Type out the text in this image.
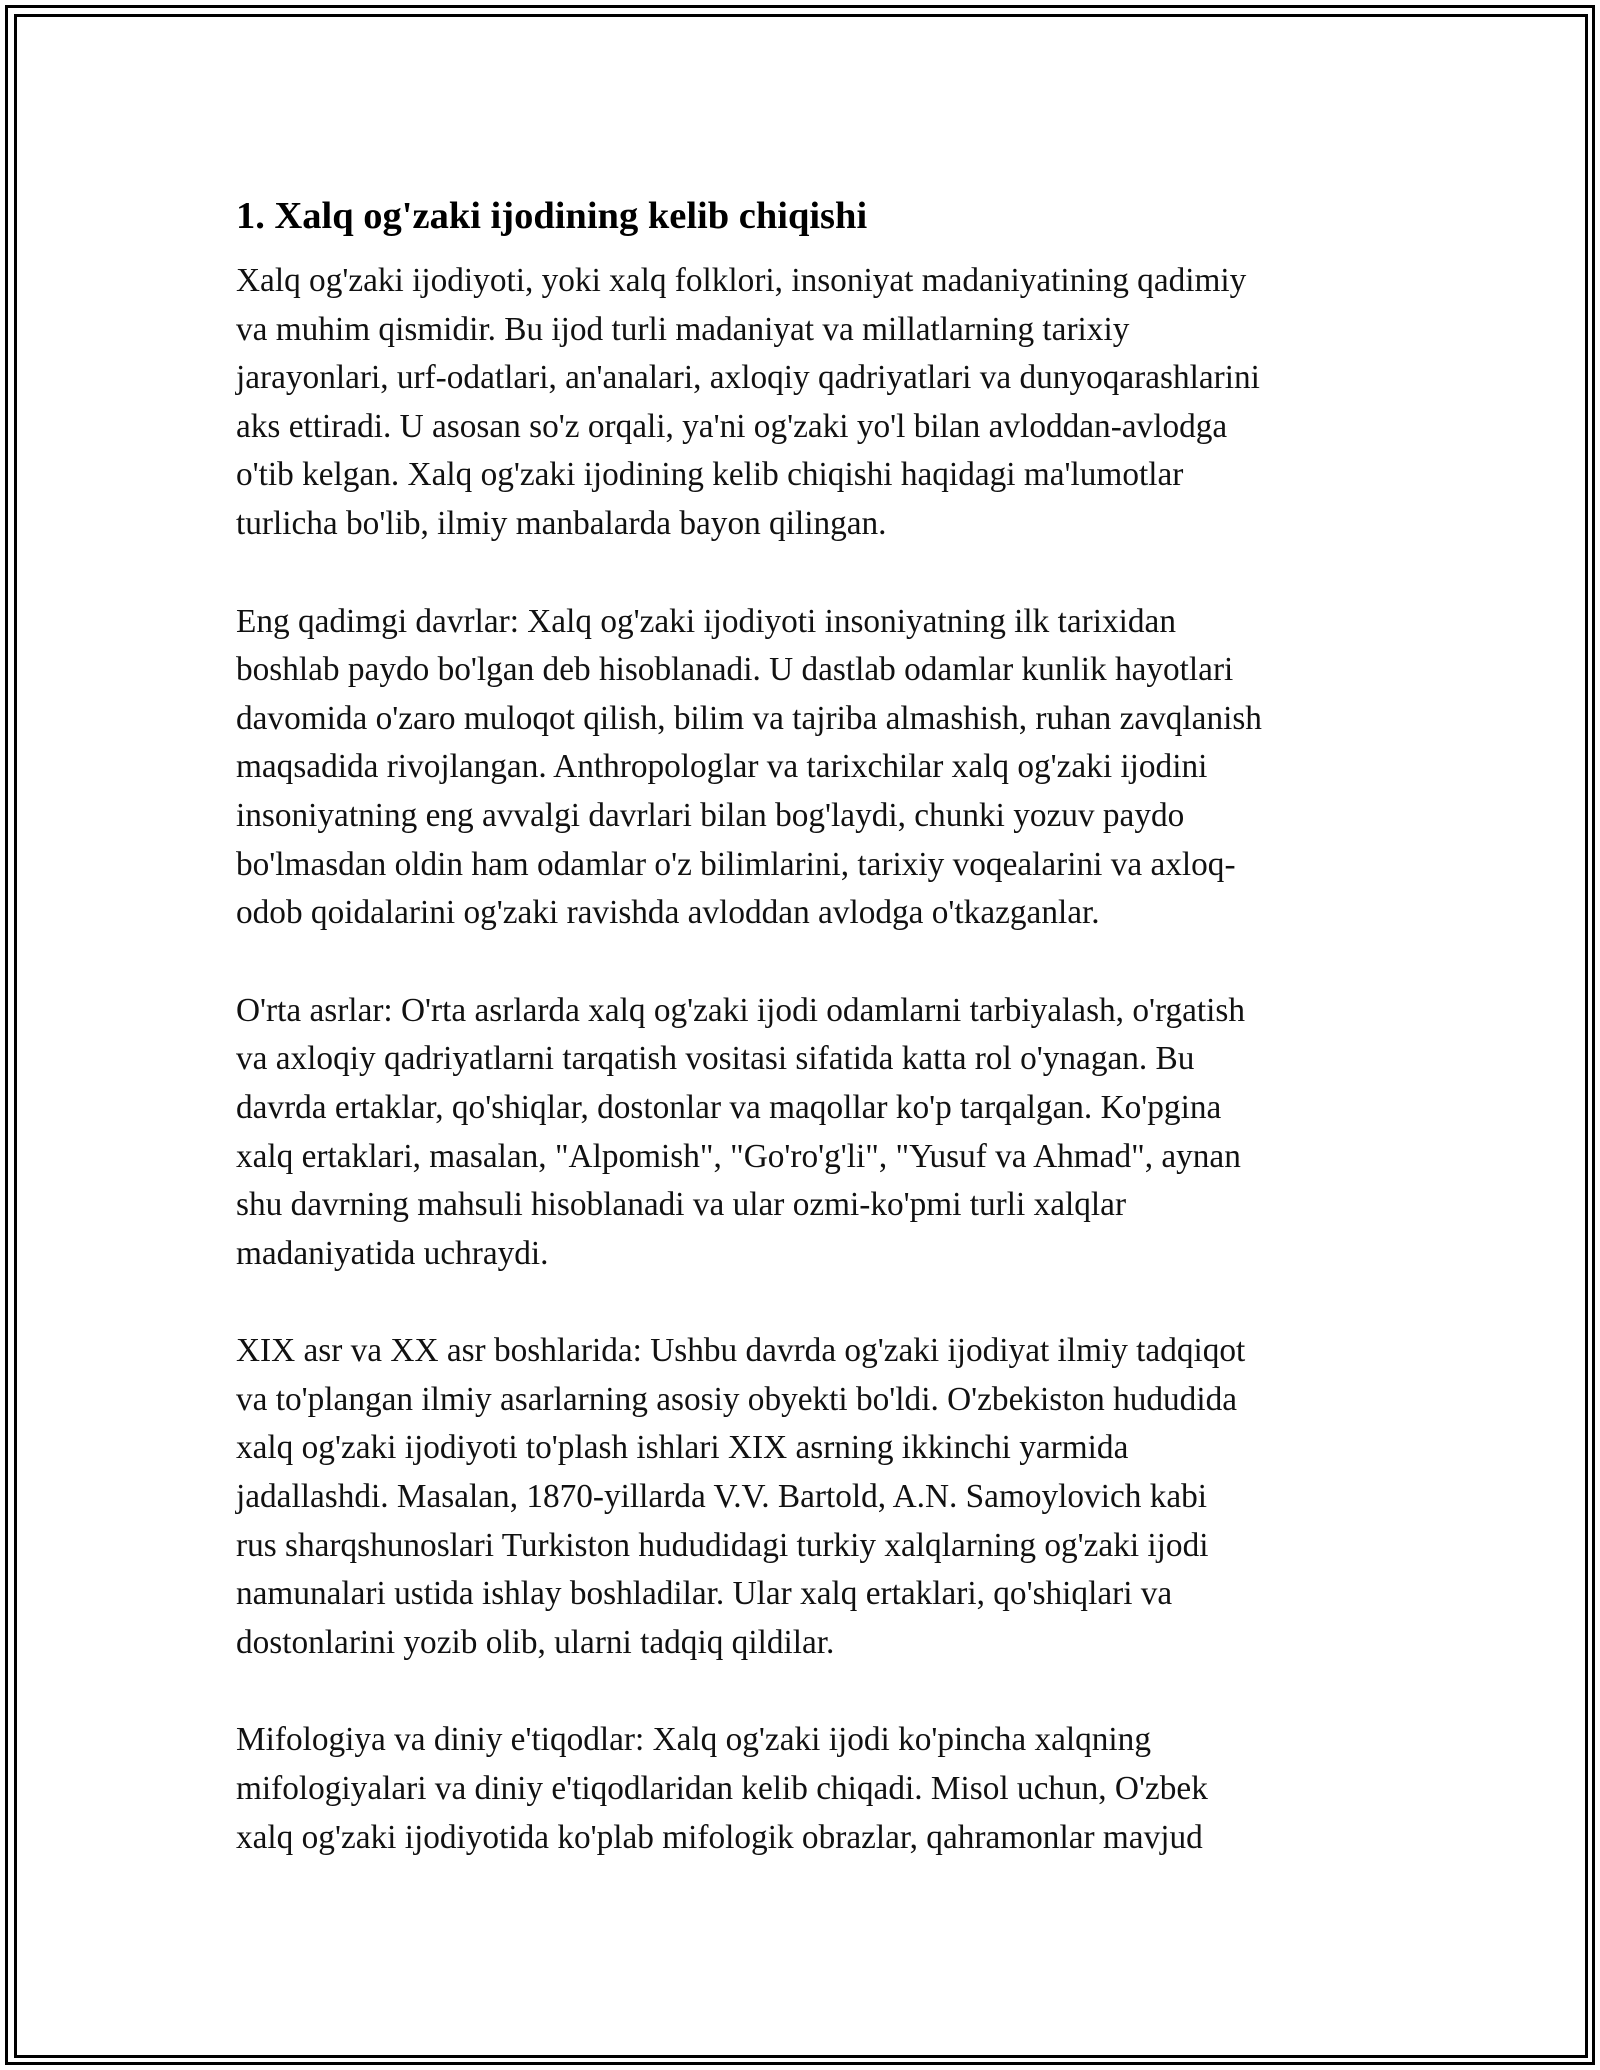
1. Xalq og'zaki ijodining kelib chiqishi

Xalq og'zaki ijodiyoti, yoki xalq folklori, insoniyat madaniyatining qadimiy
va muhim qismidir. Bu ijod turli madaniyat va millatlarning tarixiy
jarayonlari, urf-odatlari, an'analari, axloqiy qadriyatlari va dunyoqarashlarini
aks ettiradi. U asosan so'z orqali, ya'ni og'zaki yo'l bilan avloddan-avlodga
o'tib kelgan. Xalq og'zaki ijodining kelib chiqishi haqidagi ma'lumotlar
turlicha bo'lib, ilmiy manbalarda bayon qilingan.

Eng qadimgi davrlar: Xalq og'zaki ijodiyoti insoniyatning ilk tarixidan
boshlab paydo bo'lgan deb hisoblanadi. U dastlab odamlar kunlik hayotlari
davomida o'zaro muloqot qilish, bilim va tajriba almashish, ruhan zavqlanish
maqsadida rivojlangan. Anthropologlar va tarixchilar xalq og'zaki ijodini
insoniyatning eng avvalgi davrlari bilan bog'laydi, chunki yozuv paydo
bo'lmasdan oldin ham odamlar o'z bilimlarini, tarixiy voqealarini va axloq-
odob qoidalarini og'zaki ravishda avloddan avlodga o'tkazganlar.

O'rta asrlar: O'rta asrlarda xalq og'zaki ijodi odamlarni tarbiyalash, o'rgatish
va axloqiy qadriyatlarni tarqatish vositasi sifatida katta rol o'ynagan. Bu
davrda ertaklar, qo'shiqlar, dostonlar va maqollar ko'p tarqalgan. Ko'pgina
xalq ertaklari, masalan, "Alpomish", "Go'ro'g'li", "Yusuf va Ahmad", aynan
shu davrning mahsuli hisoblanadi va ular ozmi-ko'pmi turli xalqlar
madaniyatida uchraydi.

XIX asr va XX asr boshlarida: Ushbu davrda og'zaki ijodiyat ilmiy tadqiqot
va to'plangan ilmiy asarlarning asosiy obyekti bo'ldi. O'zbekiston hududida
xalq og'zaki ijodiyoti to'plash ishlari XIX asrning ikkinchi yarmida
jadallashdi. Masalan, 1870-yillarda V.V. Bartold, A.N. Samoylovich kabi
rus sharqshunoslari Turkiston hududidagi turkiy xalqlarning og'zaki ijodi
namunalari ustida ishlay boshladilar. Ular xalq ertaklari, qo'shiqlari va
dostonlarini yozib olib, ularni tadqiq qildilar.

Mifologiya va diniy e'tiqodlar: Xalq og'zaki ijodi ko'pincha xalqning
mifologiyalari va diniy e'tiqodlaridan kelib chiqadi. Misol uchun, O'zbek
xalq og'zaki ijodiyotida ko'plab mifologik obrazlar, qahramonlar mavjud
